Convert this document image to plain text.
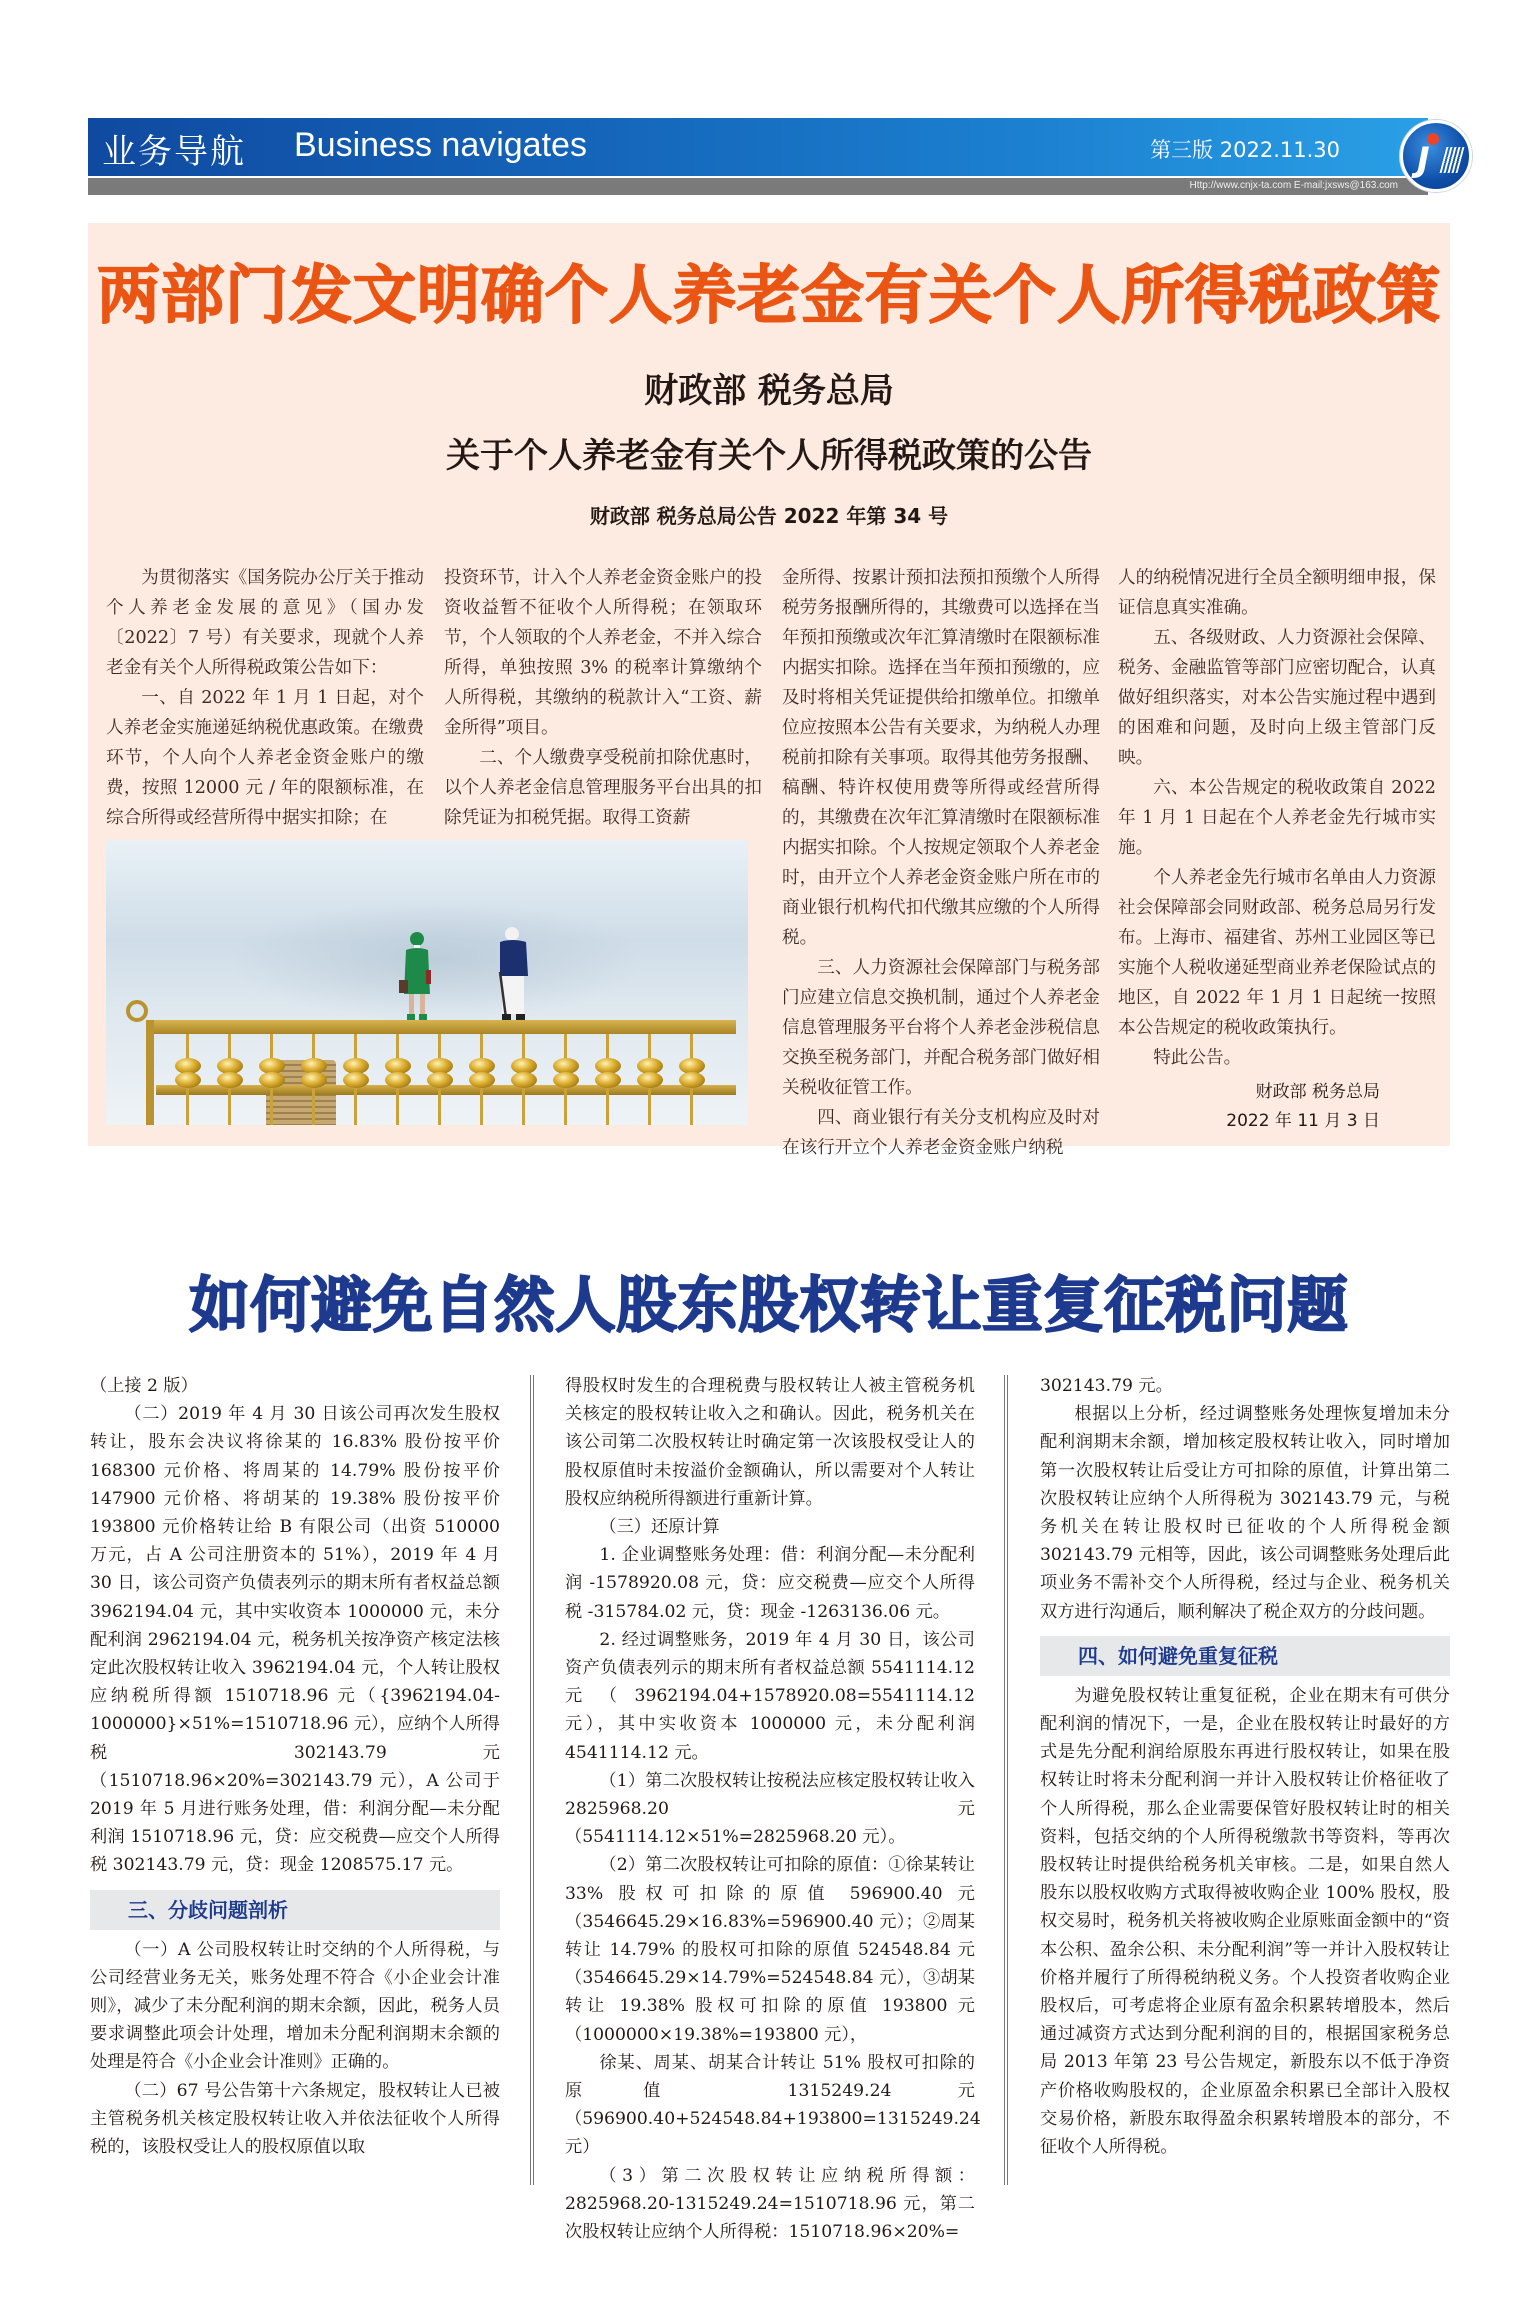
业务导航 Business navigates	第三版 2022.11.30
Http://www.cnjx-ta.com E-mail:jxsws@163.com
J
两部门发文明确个人养老金有关个人所得税政策
财政部 税务总局
关于个人养老金有关个人所得税政策的公告
财政部 税务总局公告 2022 年第 34 号

为贯彻落实《国务院办公厅关于推动个人养老金发展的意见》（国办发〔2022〕7 号）有关要求，现就个人养老金有关个人所得税政策公告如下：

一、自 2022 年 1 月 1 日起，对个人养老金实施递延纳税优惠政策。在缴费环节，个人向个人养老金资金账户的缴费，按照 12000 元 / 年的限额标准，在综合所得或经营所得中据实扣除；在

投资环节，计入个人养老金资金账户的投资收益暂不征收个人所得税；在领取环节，个人领取的个人养老金，不并入综合所得，单独按照 3% 的税率计算缴纳个人所得税，其缴纳的税款计入“工资、薪金所得”项目。

二、个人缴费享受税前扣除优惠时，以个人养老金信息管理服务平台出具的扣除凭证为扣税凭据。取得工资薪

金所得、按累计预扣法预扣预缴个人所得税劳务报酬所得的，其缴费可以选择在当年预扣预缴或次年汇算清缴时在限额标准内据实扣除。选择在当年预扣预缴的，应及时将相关凭证提供给扣缴单位。扣缴单位应按照本公告有关要求，为纳税人办理税前扣除有关事项。取得其他劳务报酬、稿酬、特许权使用费等所得或经营所得的，其缴费在次年汇算清缴时在限额标准内据实扣除。个人按规定领取个人养老金时，由开立个人养老金资金账户所在市的商业银行机构代扣代缴其应缴的个人所得税。

三、人力资源社会保障部门与税务部门应建立信息交换机制，通过个人养老金信息管理服务平台将个人养老金涉税信息交换至税务部门，并配合税务部门做好相关税收征管工作。

四、商业银行有关分支机构应及时对在该行开立个人养老金资金账户纳税

人的纳税情况进行全员全额明细申报，保证信息真实准确。

五、各级财政、人力资源社会保障、税务、金融监管等部门应密切配合，认真做好组织落实，对本公告实施过程中遇到的困难和问题，及时向上级主管部门反映。

六、本公告规定的税收政策自 2022 年 1 月 1 日起在个人养老金先行城市实施。

个人养老金先行城市名单由人力资源社会保障部会同财政部、税务总局另行发布。上海市、福建省、苏州工业园区等已实施个人税收递延型商业养老保险试点的地区，自 2022 年 1 月 1 日起统一按照本公告规定的税收政策执行。

特此公告。

财政部 税务总局
2022 年 11 月 3 日
如何避免自然人股东股权转让重复征税问题

（上接 2 版）

（二）2019 年 4 月 30 日该公司再次发生股权转让，股东会决议将徐某的 16.83% 股份按平价 168300 元价格、将周某的 14.79% 股份按平价 147900 元价格、将胡某的 19.38% 股份按平价 193800 元价格转让给 B 有限公司（出资 510000 万元，占 A 公司注册资本的 51%），2019 年 4 月 30 日，该公司资产负债表列示的期末所有者权益总额 3962194.04 元，其中实收资本 1000000 元，未分配利润 2962194.04 元，税务机关按净资产核定法核定此次股权转让收入 3962194.04 元，个人转让股权应纳税所得额 1510718.96 元（{3962194.04-1000000}×51%=1510718.96 元），应纳个人所得税 302143.79 元（1510718.96×20%=302143.79 元），A 公司于 2019 年 5 月进行账务处理，借：利润分配—未分配利润 1510718.96 元，贷：应交税费—应交个人所得税 302143.79 元，贷：现金 1208575.17 元。

三、分歧问题剖析

（一）A 公司股权转让时交纳的个人所得税，与公司经营业务无关，账务处理不符合《小企业会计准则》，减少了未分配利润的期末余额，因此，税务人员要求调整此项会计处理，增加未分配利润期末余额的处理是符合《小企业会计准则》正确的。

（二）67 号公告第十六条规定，股权转让人已被主管税务机关核定股权转让收入并依法征收个人所得税的，该股权受让人的股权原值以取

得股权时发生的合理税费与股权转让人被主管税务机关核定的股权转让收入之和确认。因此，税务机关在该公司第二次股权转让时确定第一次该股权受让人的股权原值时未按溢价金额确认，所以需要对个人转让股权应纳税所得额进行重新计算。

（三）还原计算

1. 企业调整账务处理：借：利润分配—未分配利润 -1578920.08 元，贷：应交税费—应交个人所得税 -315784.02 元，贷：现金 -1263136.06 元。

2. 经过调整账务，2019 年 4 月 30 日，该公司资产负债表列示的期末所有者权益总额 5541114.12 元（3962194.04+1578920.08=5541114.12 元），其中实收资本 1000000 元，未分配利润 4541114.12 元。

（1）第二次股权转让按税法应核定股权转让收入 2825968.20 元（5541114.12×51%=2825968.20 元）。

（2）第二次股权转让可扣除的原值：①徐某转让 33% 股权可扣除的原值 596900.40 元（3546645.29×16.83%=596900.40 元）；②周某转让 14.79% 的股权可扣除的原值 524548.84 元（3546645.29×14.79%=524548.84 元），③胡某转让 19.38% 股权可扣除的原值 193800 元（1000000×19.38%=193800 元），

徐某、周某、胡某合计转让 51% 股权可扣除的原值 1315249.24 元（596900.40+524548.84+193800=1315249.24 元）

（3）第二次股权转让应纳税所得额：2825968.20-1315249.24=1510718.96 元，第二次股权转让应纳个人所得税：1510718.96×20%=

302143.79 元。

根据以上分析，经过调整账务处理恢复增加未分配利润期末余额，增加核定股权转让收入，同时增加第一次股权转让后受让方可扣除的原值，计算出第二次股权转让应纳个人所得税为 302143.79 元，与税务机关在转让股权时已征收的个人所得税金额 302143.79 元相等，因此，该公司调整账务处理后此项业务不需补交个人所得税，经过与企业、税务机关双方进行沟通后，顺利解决了税企双方的分歧问题。

四、如何避免重复征税

为避免股权转让重复征税，企业在期末有可供分配利润的情况下，一是，企业在股权转让时最好的方式是先分配利润给原股东再进行股权转让，如果在股权转让时将未分配利润一并计入股权转让价格征收了个人所得税，那么企业需要保管好股权转让时的相关资料，包括交纳的个人所得税缴款书等资料，等再次股权转让时提供给税务机关审核。二是，如果自然人股东以股权收购方式取得被收购企业 100% 股权，股权交易时，税务机关将被收购企业原账面金额中的“资本公积、盈余公积、未分配利润”等一并计入股权转让价格并履行了所得税纳税义务。个人投资者收购企业股权后，可考虑将企业原有盈余积累转增股本，然后通过减资方式达到分配利润的目的，根据国家税务总局 2013 年第 23 号公告规定，新股东以不低于净资产价格收购股权的，企业原盈余积累已全部计入股权交易价格，新股东取得盈余积累转增股本的部分，不征收个人所得税。
